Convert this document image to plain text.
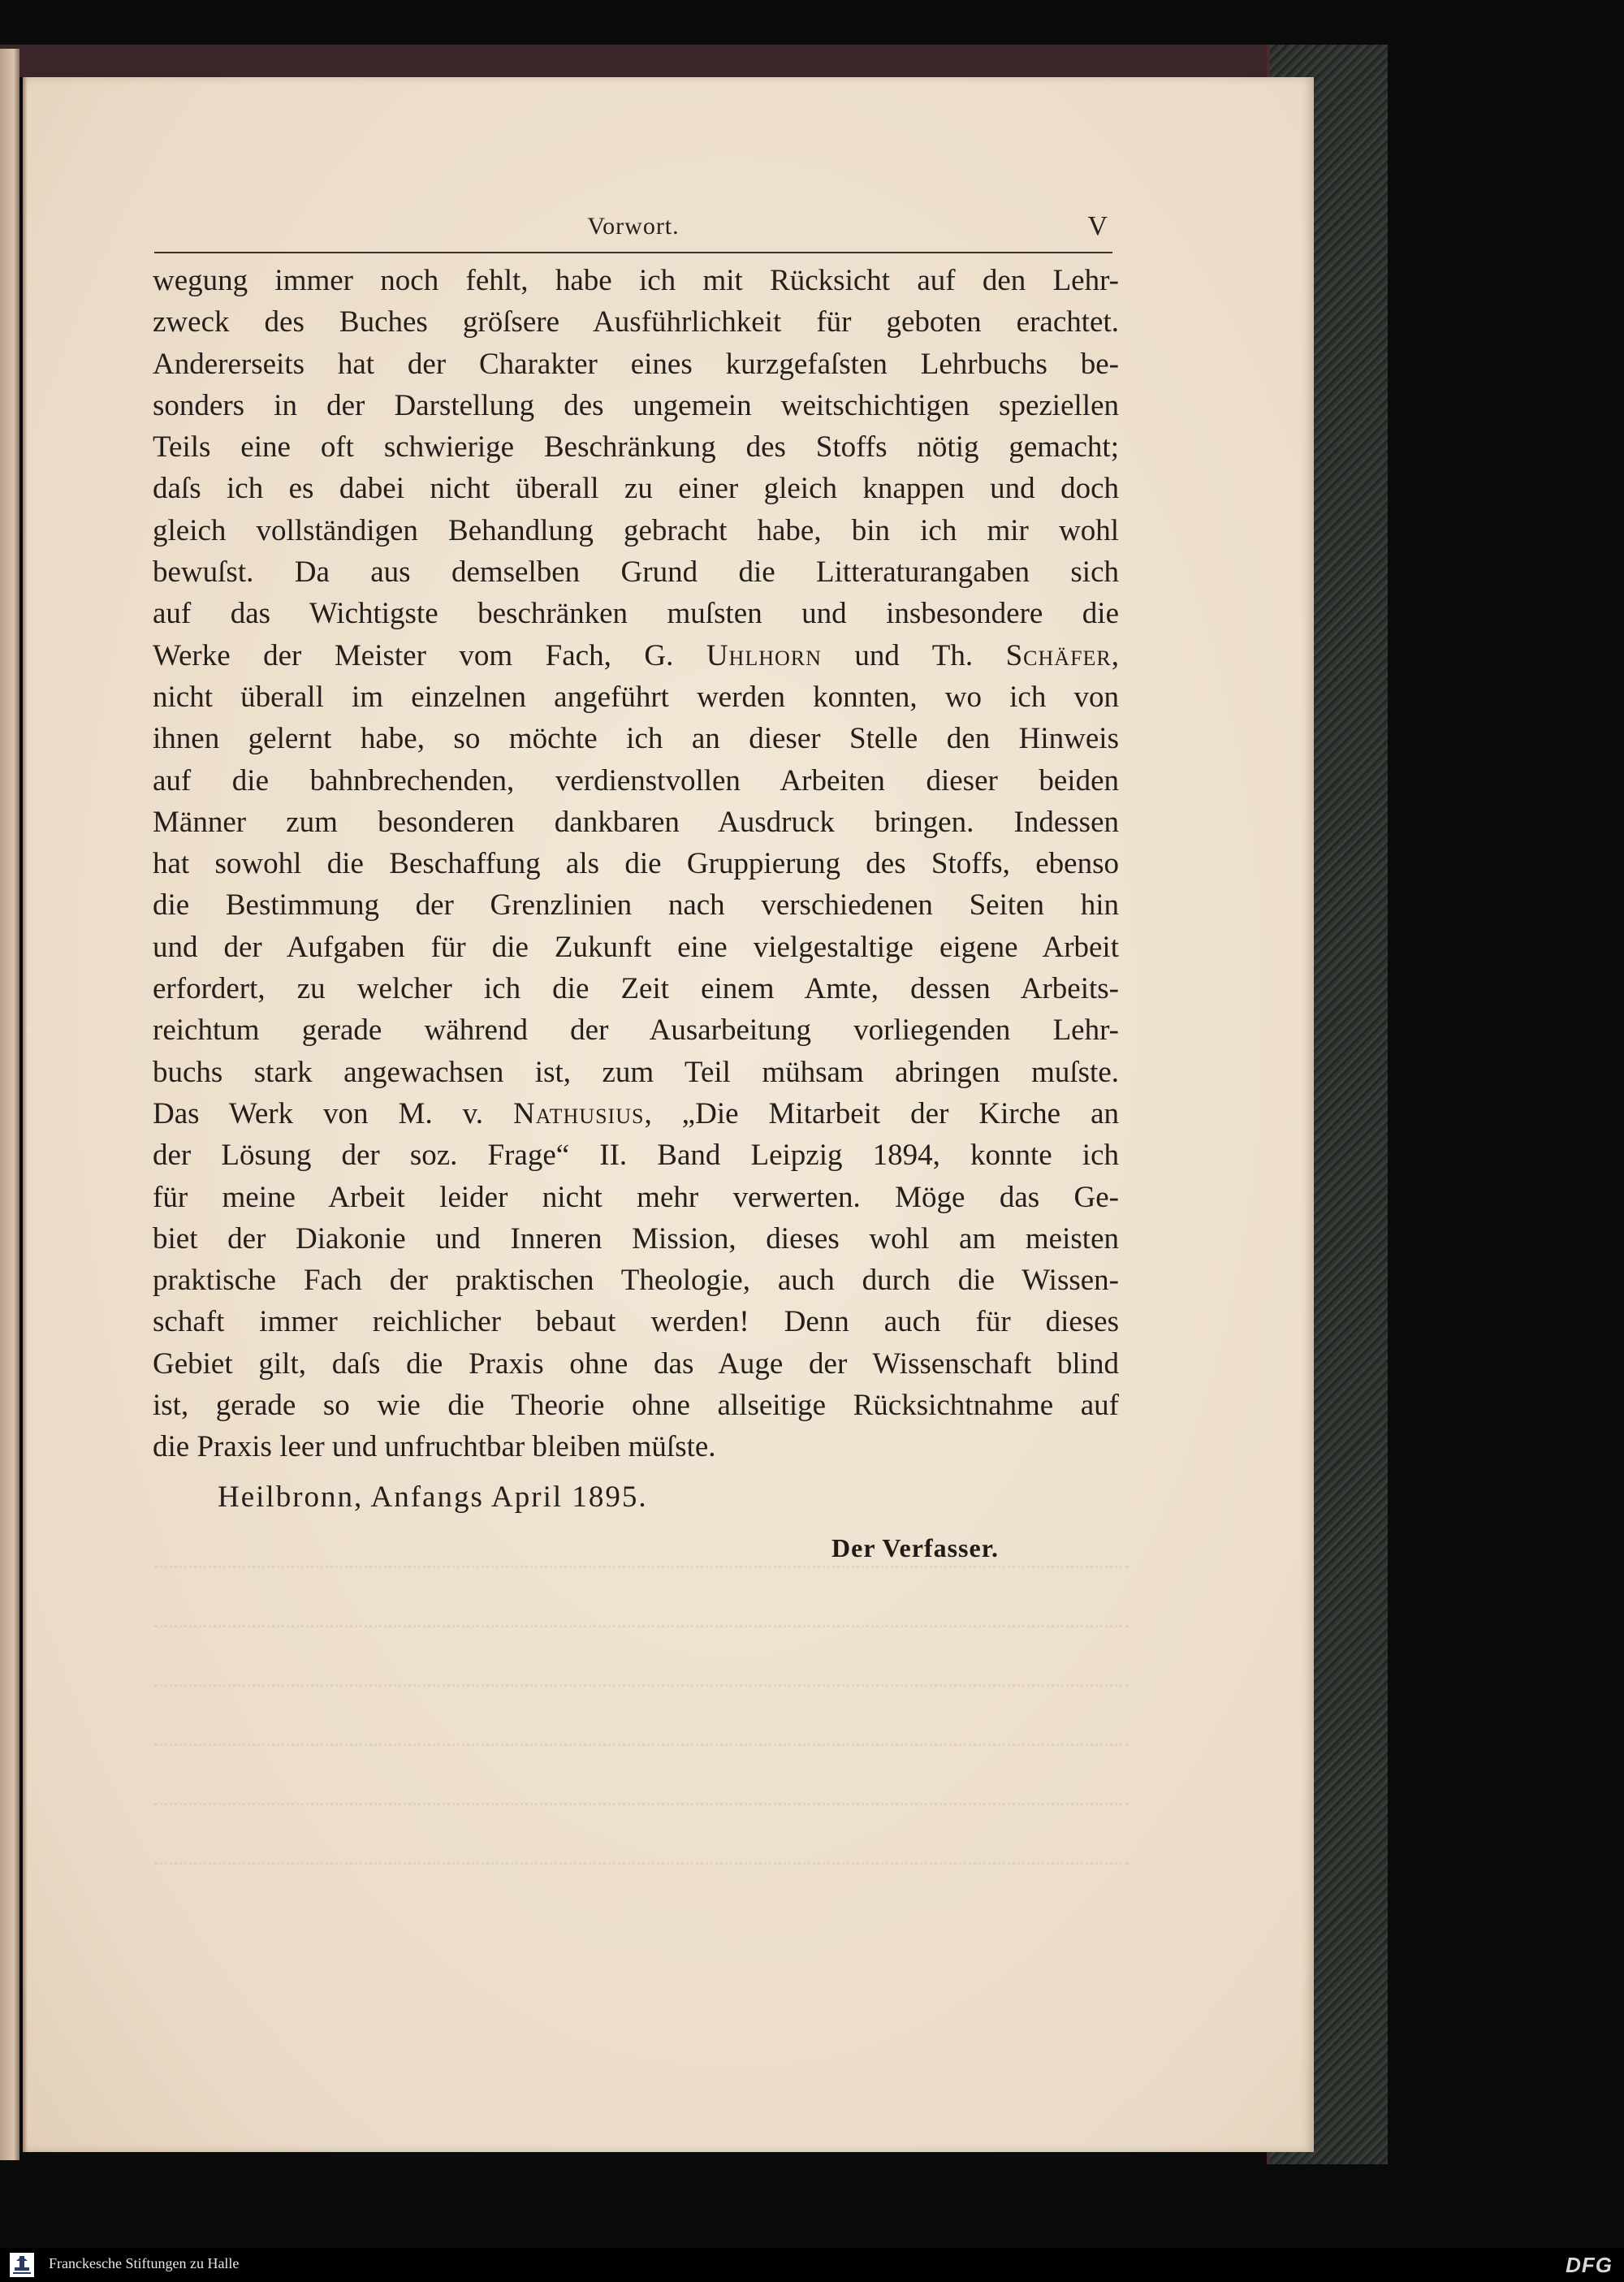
Vorwort.	V
wegung immer noch fehlt, habe ich mit Rücksicht auf den Lehr-
zweck des Buches gröſsere Ausführlichkeit für geboten erachtet.
Andererseits hat der Charakter eines kurzgefaſsten Lehrbuchs be-
sonders in der Darstellung des ungemein weitschichtigen speziellen
Teils eine oft schwierige Beschränkung des Stoffs nötig gemacht;
daſs ich es dabei nicht überall zu einer gleich knappen und doch
gleich vollständigen Behandlung gebracht habe, bin ich mir wohl
bewuſst. Da aus demselben Grund die Litteraturangaben sich
auf das Wichtigste beschränken muſsten und insbesondere die
Werke der Meister vom Fach, G. Uhlhorn und Th. Schäfer,
nicht überall im einzelnen angeführt werden konnten, wo ich von
ihnen gelernt habe, so möchte ich an dieser Stelle den Hinweis
auf die bahnbrechenden, verdienstvollen Arbeiten dieser beiden
Männer zum besonderen dankbaren Ausdruck bringen. Indessen
hat sowohl die Beschaffung als die Gruppierung des Stoffs, ebenso
die Bestimmung der Grenzlinien nach verschiedenen Seiten hin
und der Aufgaben für die Zukunft eine vielgestaltige eigene Arbeit
erfordert, zu welcher ich die Zeit einem Amte, dessen Arbeits-
reichtum gerade während der Ausarbeitung vorliegenden Lehr-
buchs stark angewachsen ist, zum Teil mühsam abringen muſste.
Das Werk von M. v. Nathusius, „Die Mitarbeit der Kirche an
der Lösung der soz. Frage“ II. Band Leipzig 1894, konnte ich
für meine Arbeit leider nicht mehr verwerten. Möge das Ge-
biet der Diakonie und Inneren Mission, dieses wohl am meisten
praktische Fach der praktischen Theologie, auch durch die Wissen-
schaft immer reichlicher bebaut werden! Denn auch für dieses
Gebiet gilt, daſs die Praxis ohne das Auge der Wissenschaft blind
ist, gerade so wie die Theorie ohne allseitige Rücksichtnahme auf
die Praxis leer und unfruchtbar bleiben müſste.
Heilbronn, Anfangs April 1895.
Der Verfasser.
Franckesche Stiftungen zu Halle	DFG
